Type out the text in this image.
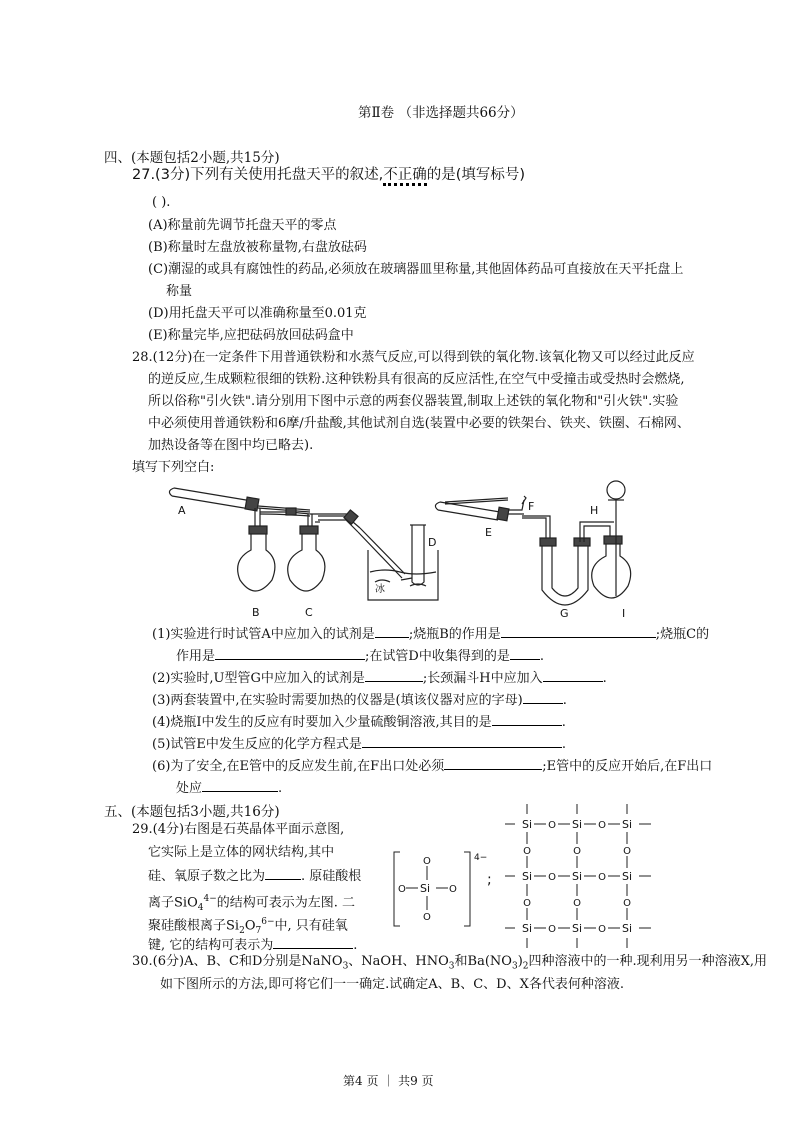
第Ⅱ卷 （非选择题共66分）
四、(本题包括2小题,共15分)
27.(3分)下列有关使用托盘天平的叙述,不正确的是(填写标号)
( ).
(A)称量前先调节托盘天平的零点
(B)称量时左盘放被称量物,右盘放砝码
(C)潮湿的或具有腐蚀性的药品,必须放在玻璃器皿里称量,其他固体药品可直接放在天平托盘上
称量
(D)用托盘天平可以准确称量至0.01克
(E)称量完毕,应把砝码放回砝码盒中
28.(12分)在一定条件下用普通铁粉和水蒸气反应,可以得到铁的氧化物.该氧化物又可以经过此反应
的逆反应,生成颗粒很细的铁粉.这种铁粉具有很高的反应活性,在空气中受撞击或受热时会燃烧,
所以俗称"引火铁".请分别用下图中示意的两套仪器装置,制取上述铁的氧化物和"引火铁".实验
中必须使用普通铁粉和6摩/升盐酸,其他试剂自选(装置中必要的铁架台、铁夹、铁圈、石棉网、
加热设备等在图中均已略去).
填写下列空白:
A
B	C
冰
D
E
F
G
H
I
(1)实验进行时试管A中应加入的试剂是	;烧瓶B的作用是	;烧瓶C的
作用是	;在试管D中收集得到的是 .
(2)实验时,U型管G中应加入的试剂是	;长颈漏斗H中应加入	.
(3)两套装置中,在实验时需要加热的仪器是(填该仪器对应的字母)	.
(4)烧瓶I中发生的反应有时要加入少量硫酸铜溶液,其目的是	.
(5)试管E中发生反应的化学方程式是	.
(6)为了安全,在E管中的反应发生前,在F出口处必须	;E管中的反应开始后,在F出口
处应	.
五、(本题包括3小题,共16分)
29.(4分)右图是石英晶体平面示意图,
它实际上是立体的网状结构,其中
硅、氧原子数之比为	. 原硅酸根
离子SiO$_4^{4-}$的结构可表示为左图. 二
聚硅酸根离子$Si_2O_7^{6-}$中, 只有硅氧
键, 它的结构可表示为	.
4−
;
O
O Si O
O
Si	Si	Si
O	O
Si	Si	Si
O	O
Si	Si	Si
O	O
O
O
O
O
O
O
30.(6分)A、B、C和D分别是NaNO$_3$、NaOH、$HNO_3$和$Ba(NO_3)_2$四种溶液中的一种.现利用另一种溶液X,用
如下图所示的方法,即可将它们一一确定.试确定A、B、C、D、X各代表何种溶液.
第4 页 ｜ 共9 页
